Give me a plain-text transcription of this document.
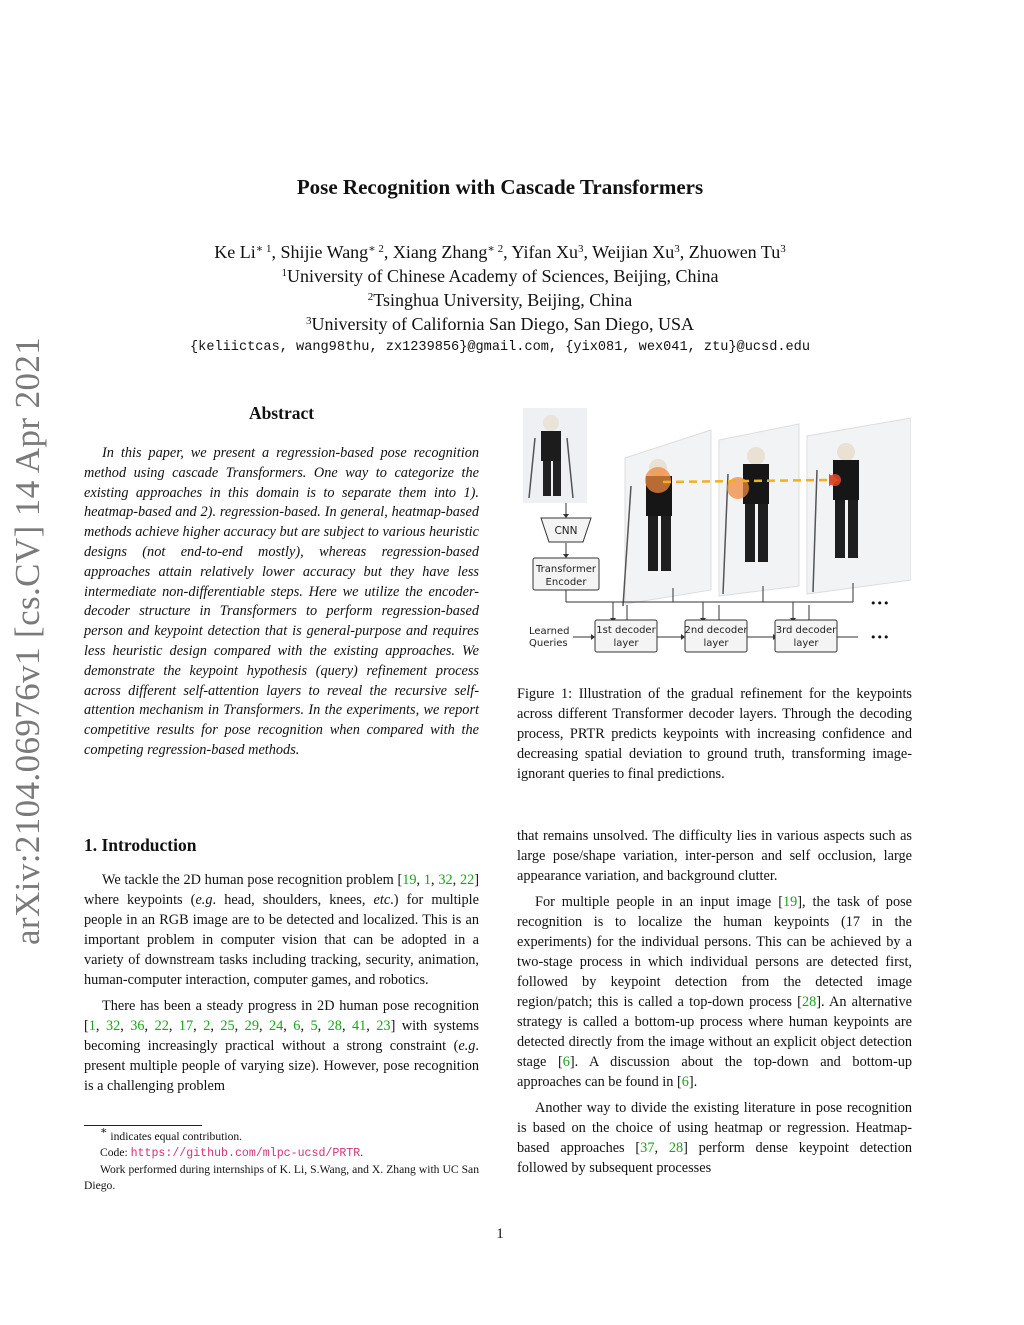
arXiv:2104.06976v1 [cs.CV] 14 Apr 2021
Pose Recognition with Cascade Transformers
Ke $Li^{∗ 1}$, Shijie Wang$^{∗ 2}$, Xiang Zhang$^{∗ 2}$, Yifan Xu$^3$, Weijian Xu$^3$, Zhuowen Tu$^3$
$^1$University of Chinese Academy of Sciences, Beijing, China
$^2$Tsinghua University, Beijing, China
$^3$University of California San Diego, San Diego, USA
{keliictcas, wang98thu, zx1239856}@gmail.com, {yix081, wex041, ztu}@ucsd.edu
Abstract
In this paper, we present a regression-based pose recognition method using cascade Transformers. One way to categorize the existing approaches in this domain is to separate them into 1). heatmap-based and 2). regression-based. In general, heatmap-based methods achieve higher accuracy but are subject to various heuristic designs (not end-to-end mostly), whereas regression-based approaches attain relatively lower accuracy but they have less intermediate non-differentiable steps. Here we utilize the encoder-decoder structure in Transformers to perform regression-based person and keypoint detection that is general-purpose and requires less heuristic design compared with the existing approaches. We demonstrate the keypoint hypothesis (query) refinement process across different self-attention layers to reveal the recursive self-attention mechanism in Transformers. In the experiments, we report competitive results for pose recognition when compared with the competing regression-based methods.
1. Introduction

We tackle the 2D human pose recognition problem [19, 1, 32, 22] where keypoints (e.g. head, shoulders, knees, etc.) for multiple people in an RGB image are to be detected and localized. This is an important problem in computer vision that can be adopted in a variety of downstream tasks including tracking, security, animation, human-computer interaction, computer games, and robotics.

There has been a steady progress in 2D human pose recognition [1, 32, 36, 22, 17, 2, 25, 29, 24, 6, 5, 28, 41, 23] with systems becoming increasingly practical without a strong constraint (e.g. present multiple people of varying size). However, pose recognition is a challenging problem

∗ indicates equal contribution.
Code: https://github.com/mlpc-ucsd/PRTR.
Work performed during internships of K. Li, S.Wang, and X. Zhang with UC San Diego.
CNN
Transformer
Encoder
Learned
Queries
1st decoder
layer
2nd decoder
layer
3rd decoder
layer
•••
•••
Figure 1: Illustration of the gradual refinement for the keypoints across different Transformer decoder layers. Through the decoding process, PRTR predicts keypoints with increasing confidence and decreasing spatial deviation to ground truth, transforming image-ignorant queries to final predictions.

that remains unsolved. The difficulty lies in various aspects such as large pose/shape variation, inter-person and self occlusion, large appearance variation, and background clutter.

For multiple people in an input image [19], the task of pose recognition is to localize the human keypoints (17 in the experiments) for the individual persons. This can be achieved by a two-stage process in which individual persons are detected first, followed by keypoint detection from the detected image region/patch; this is called a top-down process [28]. An alternative strategy is called a bottom-up process where human keypoints are detected directly from the image without an explicit object detection stage [6]. A discussion about the top-down and bottom-up approaches can be found in [6].

Another way to divide the existing literature in pose recognition is based on the choice of using heatmap or regression. Heatmap-based approaches [37, 28] perform dense keypoint detection followed by subsequent processes

1
